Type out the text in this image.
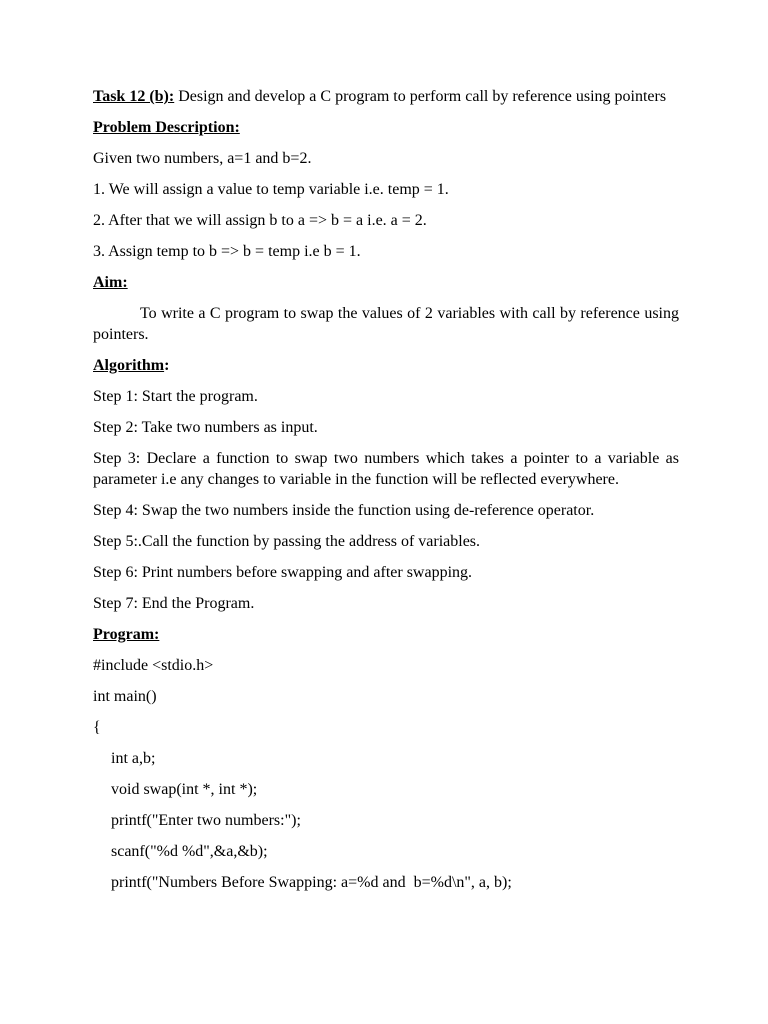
Task 12 (b): Design and develop a C program to perform call by reference using pointers

Problem Description:

Given two numbers, a=1 and b=2.

1. We will assign a value to temp variable i.e. temp = 1.

2. After that we will assign b to a => b = a i.e. a = 2.

3. Assign temp to b => b = temp i.e b = 1.

Aim:

To write a C program to swap the values of 2 variables with call by reference using pointers.

Algorithm:

Step 1: Start the program.

Step 2: Take two numbers as input.

Step 3: Declare a function to swap two numbers which takes a pointer to a variable as parameter i.e any changes to variable in the function will be reflected everywhere.

Step 4: Swap the two numbers inside the function using de-reference operator.

Step 5:.Call the function by passing the address of variables.

Step 6: Print numbers before swapping and after swapping.

Step 7: End the Program.

Program:

#include <stdio.h>

int main()

{

int a,b;

void swap(int *, int *);

printf("Enter two numbers:");

scanf("%d %d",&a,&b);

printf("Numbers Before Swapping: a=%d and  b=%d\n", a, b);
